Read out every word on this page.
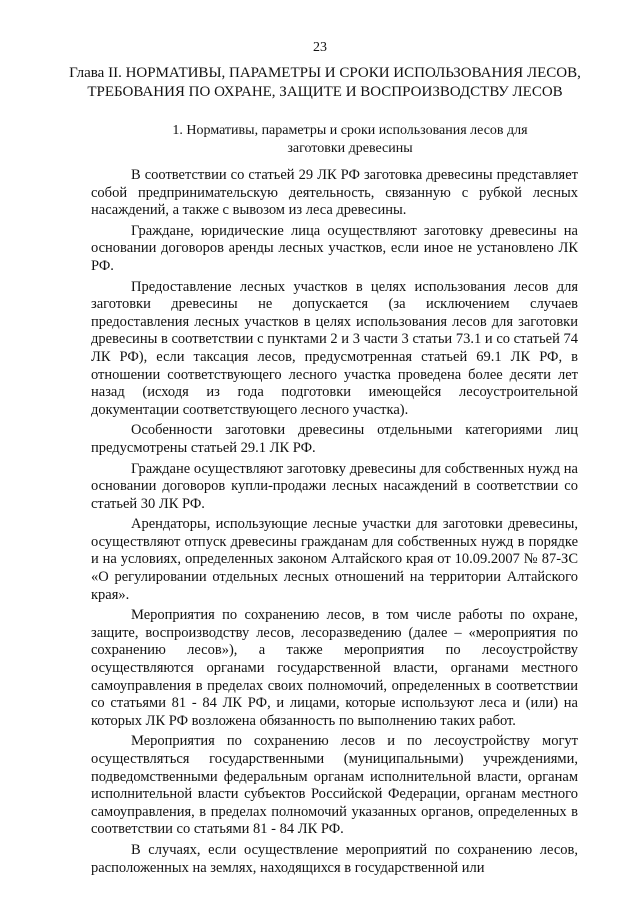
23
Глава II. НОРМАТИВЫ, ПАРАМЕТРЫ И СРОКИ ИСПОЛЬЗОВАНИЯ ЛЕСОВ, ТРЕБОВАНИЯ ПО ОХРАНЕ, ЗАЩИТЕ И ВОСПРОИЗВОДСТВУ ЛЕСОВ
1. Нормативы, параметры и сроки использования лесов для заготовки древесины

В соответствии со статьей 29 ЛК РФ заготовка древесины представляет собой предпринимательскую деятельность, связанную с рубкой лесных насаждений, а также с вывозом из леса древесины.

Граждане, юридические лица осуществляют заготовку древесины на основании договоров аренды лесных участков, если иное не установлено ЛК РФ.

Предоставление лесных участков в целях использования лесов для заготовки древесины не допускается (за исключением случаев предоставления лесных участков в целях использования лесов для заготовки древесины в соответствии с пунктами 2 и 3 части 3 статьи 73.1 и со статьей 74 ЛК РФ), если таксация лесов, предусмотренная статьей 69.1 ЛК РФ, в отношении соответствующего лесного участка проведена более десяти лет назад (исходя из года подготовки имеющейся лесоустроительной документации соответствующего лесного участка).

Особенности заготовки древесины отдельными категориями лиц предусмотрены статьей 29.1 ЛК РФ.

Граждане осуществляют заготовку древесины для собственных нужд на основании договоров купли-продажи лесных насаждений в соответствии со статьей 30 ЛК РФ.

Арендаторы, использующие лесные участки для заготовки древесины, осуществляют отпуск древесины гражданам для собственных нужд в порядке и на условиях, определенных законом Алтайского края от 10.09.2007 № 87-ЗС «О регулировании отдельных лесных отношений на территории Алтайского края».

Мероприятия по сохранению лесов, в том числе работы по охране, защите, воспроизводству лесов, лесоразведению (далее – «мероприятия по сохранению лесов»), а также мероприятия по лесоустройству осуществляются органами государственной власти, органами местного самоуправления в пределах своих полномочий, определенных в соответствии со статьями 81 - 84 ЛК РФ, и лицами, которые используют леса и (или) на которых ЛК РФ возложена обязанность по выполнению таких работ.

Мероприятия по сохранению лесов и по лесоустройству могут осуществляться государственными (муниципальными) учреждениями, подведомственными федеральным органам исполнительной власти, органам исполнительной власти субъектов Российской Федерации, органам местного самоуправления, в пределах полномочий указанных органов, определенных в соответствии со статьями 81 - 84 ЛК РФ.

В случаях, если осуществление мероприятий по сохранению лесов, расположенных на землях, находящихся в государственной или
